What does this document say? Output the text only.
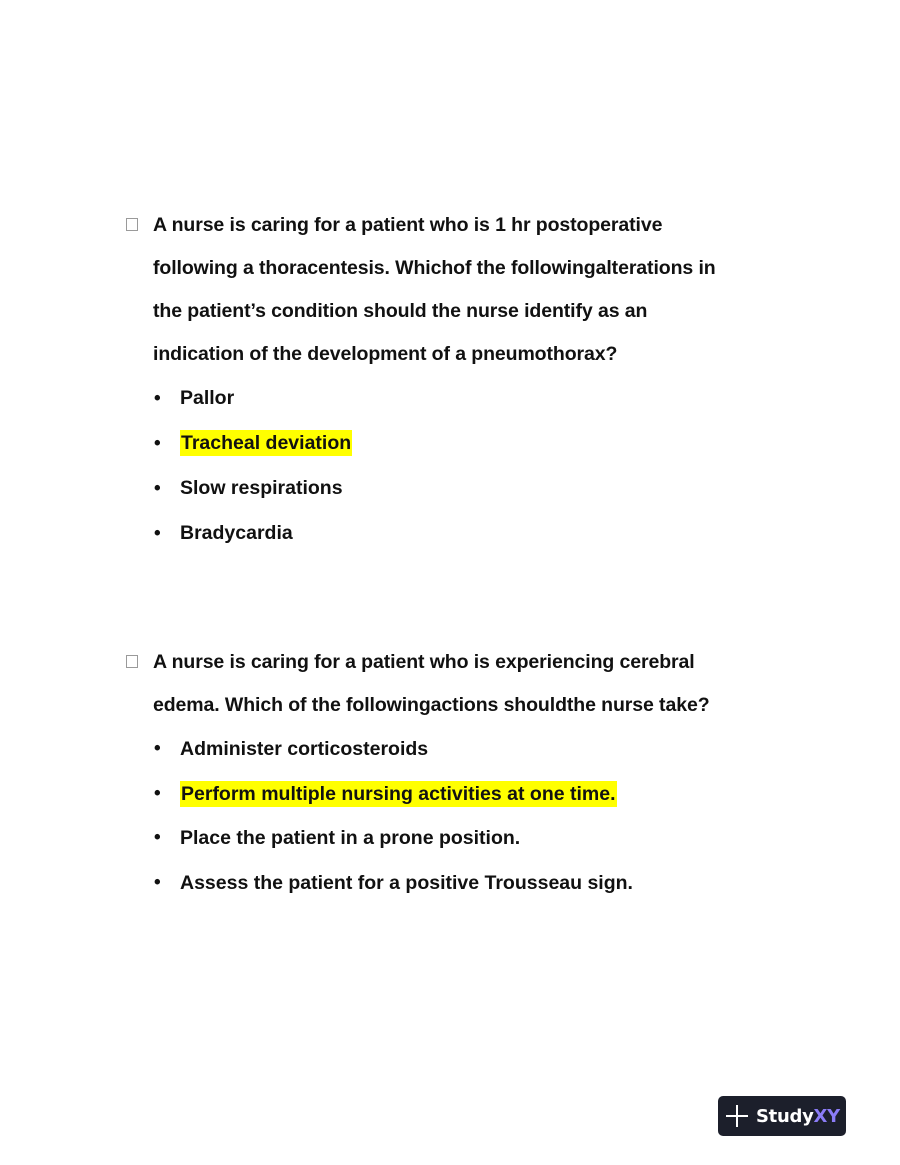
A nurse is caring for a patient who is 1 hr postoperative
following a thoracentesis. Whichof the followingalterations in
the patient’s condition should the nurse identify as an
indication of the development of a pneumothorax?
• Pallor
• Tracheal deviation
• Slow respirations
• Bradycardia
A nurse is caring for a patient who is experiencing cerebral
edema. Which of the followingactions shouldthe nurse take?
• Administer corticosteroids
• Perform multiple nursing activities at one time.
• Place the patient in a prone position.
• Assess the patient for a positive Trousseau sign.
StudyXY
